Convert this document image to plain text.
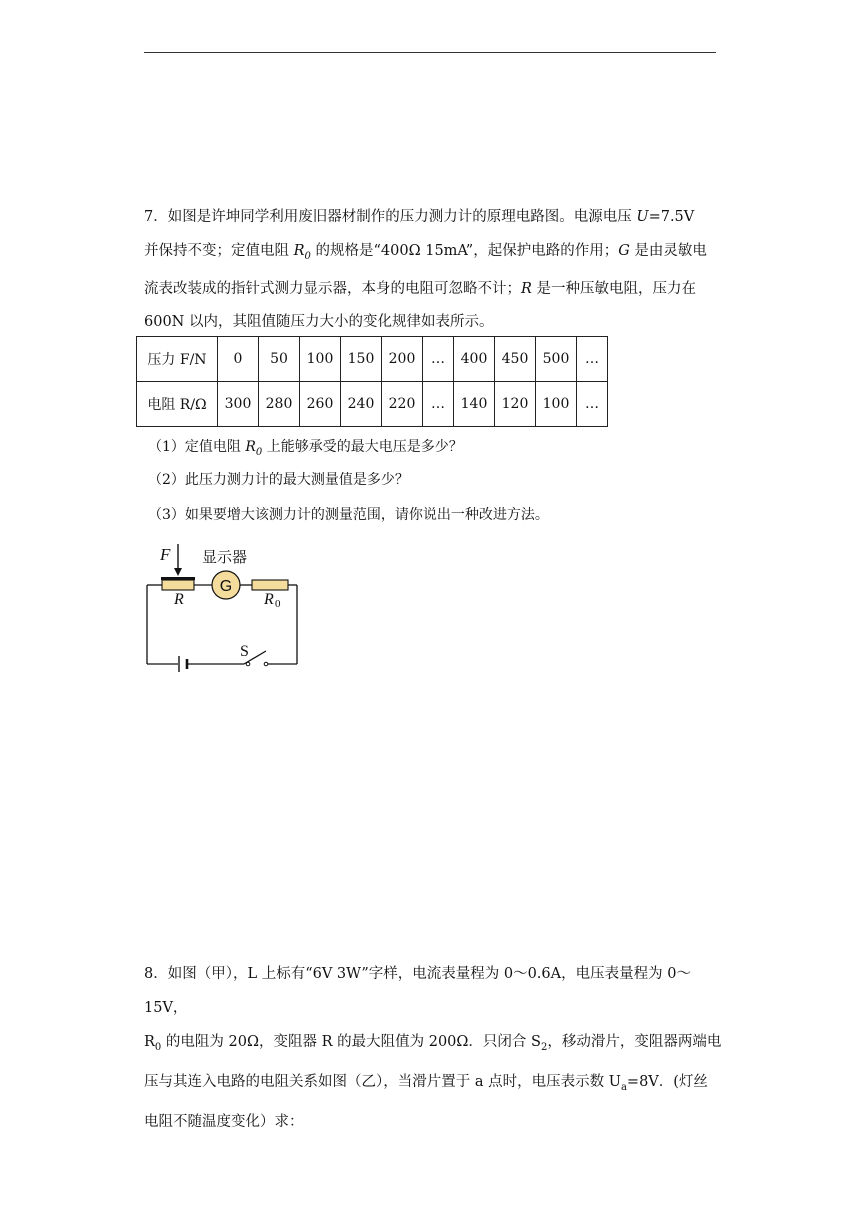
7．如图是许坤同学利用废旧器材制作的压力测力计的原理电路图。电源电压 U=7.5V
并保持不变；定值电阻 $R_0$ 的规格是“400Ω 15mA”，起保护电路的作用；G 是由灵敏电
流表改装成的指针式测力显示器，本身的电阻可忽略不计；R 是一种压敏电阻，压力在
600N 以内，其阻值随压力大小的变化规律如表所示。
压力 F/N	0	50	100	150	200	…	400	450	500	…
电阻 R/Ω	300	280	260	240	220	…	140	120	100	…
（1）定值电阻 $R_0$ 上能够承受的最大电压是多少？
（2）此压力测力计的最大测量值是多少？
（3）如果要增大该测力计的测量范围，请你说出一种改进方法。
F 显示器
G
R	R 0
S
8．如图（甲），L 上标有“6V 3W”字样，电流表量程为 0～0.6A，电压表量程为 0～15V，
$R_0$ 的电阻为 20Ω，变阻器 R 的最大阻值为 200Ω．只闭合 $S_2$，移动滑片，变阻器两端电
压与其连入电路的电阻关系如图（乙），当滑片置于 a 点时，电压表示数 $U_a=8V$．(灯丝
电阻不随温度变化）求：
